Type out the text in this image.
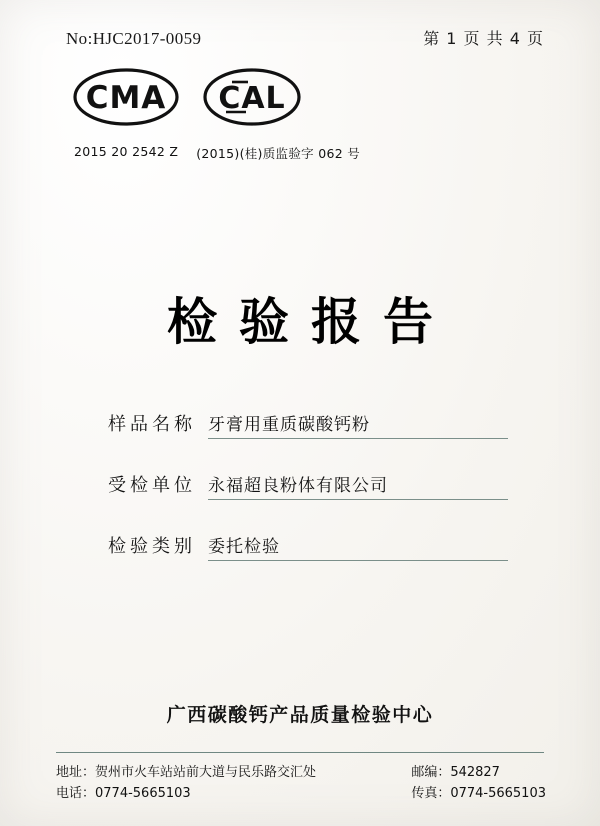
No:HJC2017-0059	第 1 页 共 4 页
CMA CAL
2015 20 2542 Z (2015)(桂)质监验字 062 号
检验报告
样品名称 牙膏用重质碳酸钙粉
受检单位 永福超良粉体有限公司
检验类别 委托检验
广西碳酸钙产品质量检验中心
地址：贺州市火车站站前大道与民乐路交汇处
电话：0774-5665103
邮编：542827
传真：0774-5665103
